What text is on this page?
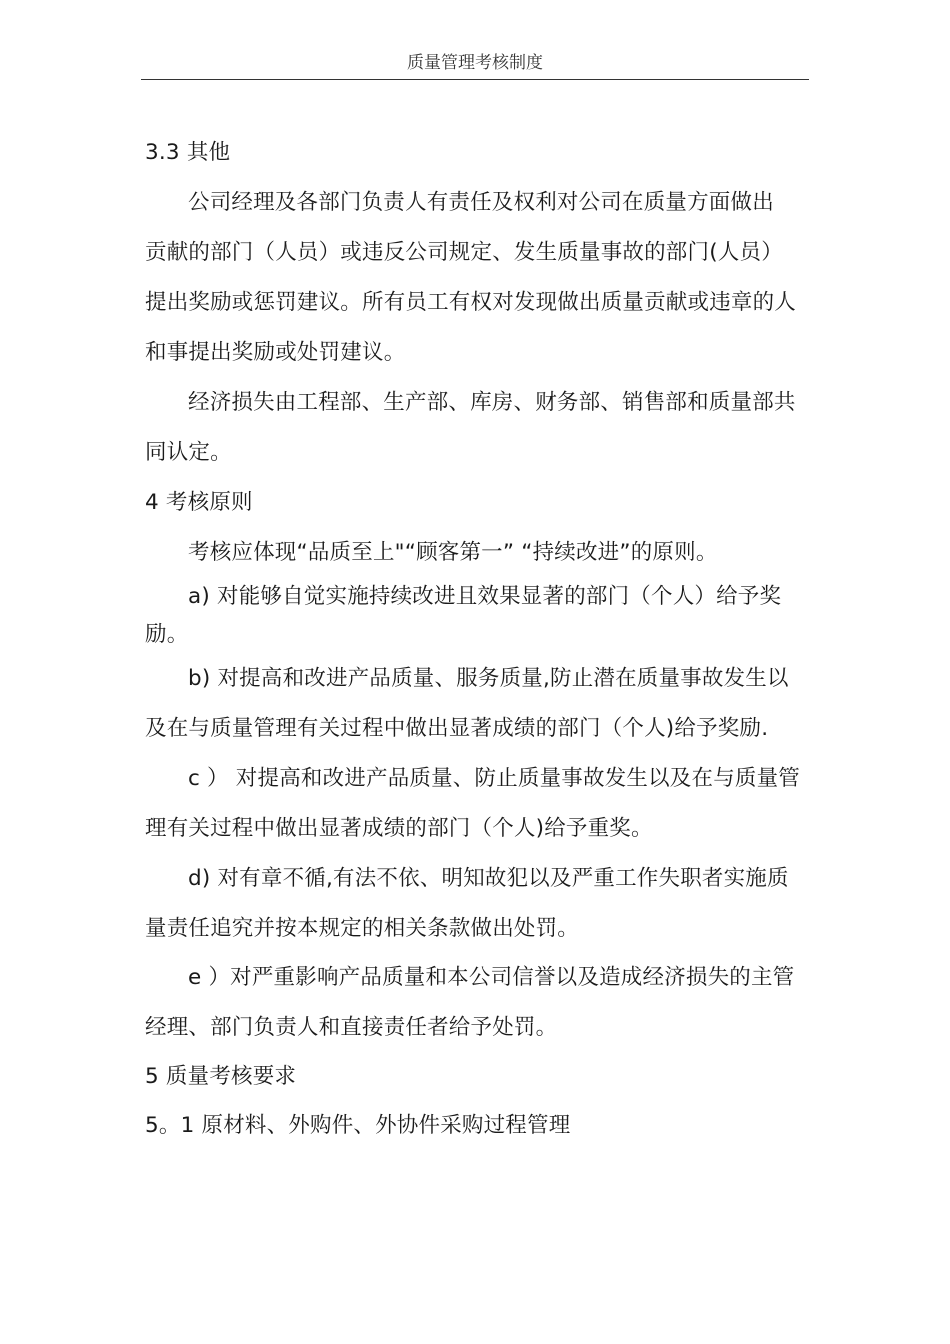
质量管理考核制度
3.3 其他
公司经理及各部门负责人有责任及权利对公司在质量方面做出
贡献的部门（人员）或违反公司规定、发生质量事故的部门(人员）
提出奖励或惩罚建议。所有员工有权对发现做出质量贡献或违章的人
和事提出奖励或处罚建议。
经济损失由工程部、生产部、库房、财务部、销售部和质量部共
同认定。
4 考核原则
考核应体现“品质至上"“顾客第一” “持续改进”的原则。
a) 对能够自觉实施持续改进且效果显著的部门（个人）给予奖
励。
b) 对提高和改进产品质量、服务质量,防止潜在质量事故发生以
及在与质量管理有关过程中做出显著成绩的部门（个人)给予奖励.
c ） 对提高和改进产品质量、防止质量事故发生以及在与质量管
理有关过程中做出显著成绩的部门（个人)给予重奖。
d) 对有章不循,有法不依、明知故犯以及严重工作失职者实施质
量责任追究并按本规定的相关条款做出处罚。
e ）对严重影响产品质量和本公司信誉以及造成经济损失的主管
经理、部门负责人和直接责任者给予处罚。
5 质量考核要求
5。1 原材料、外购件、外协件采购过程管理
